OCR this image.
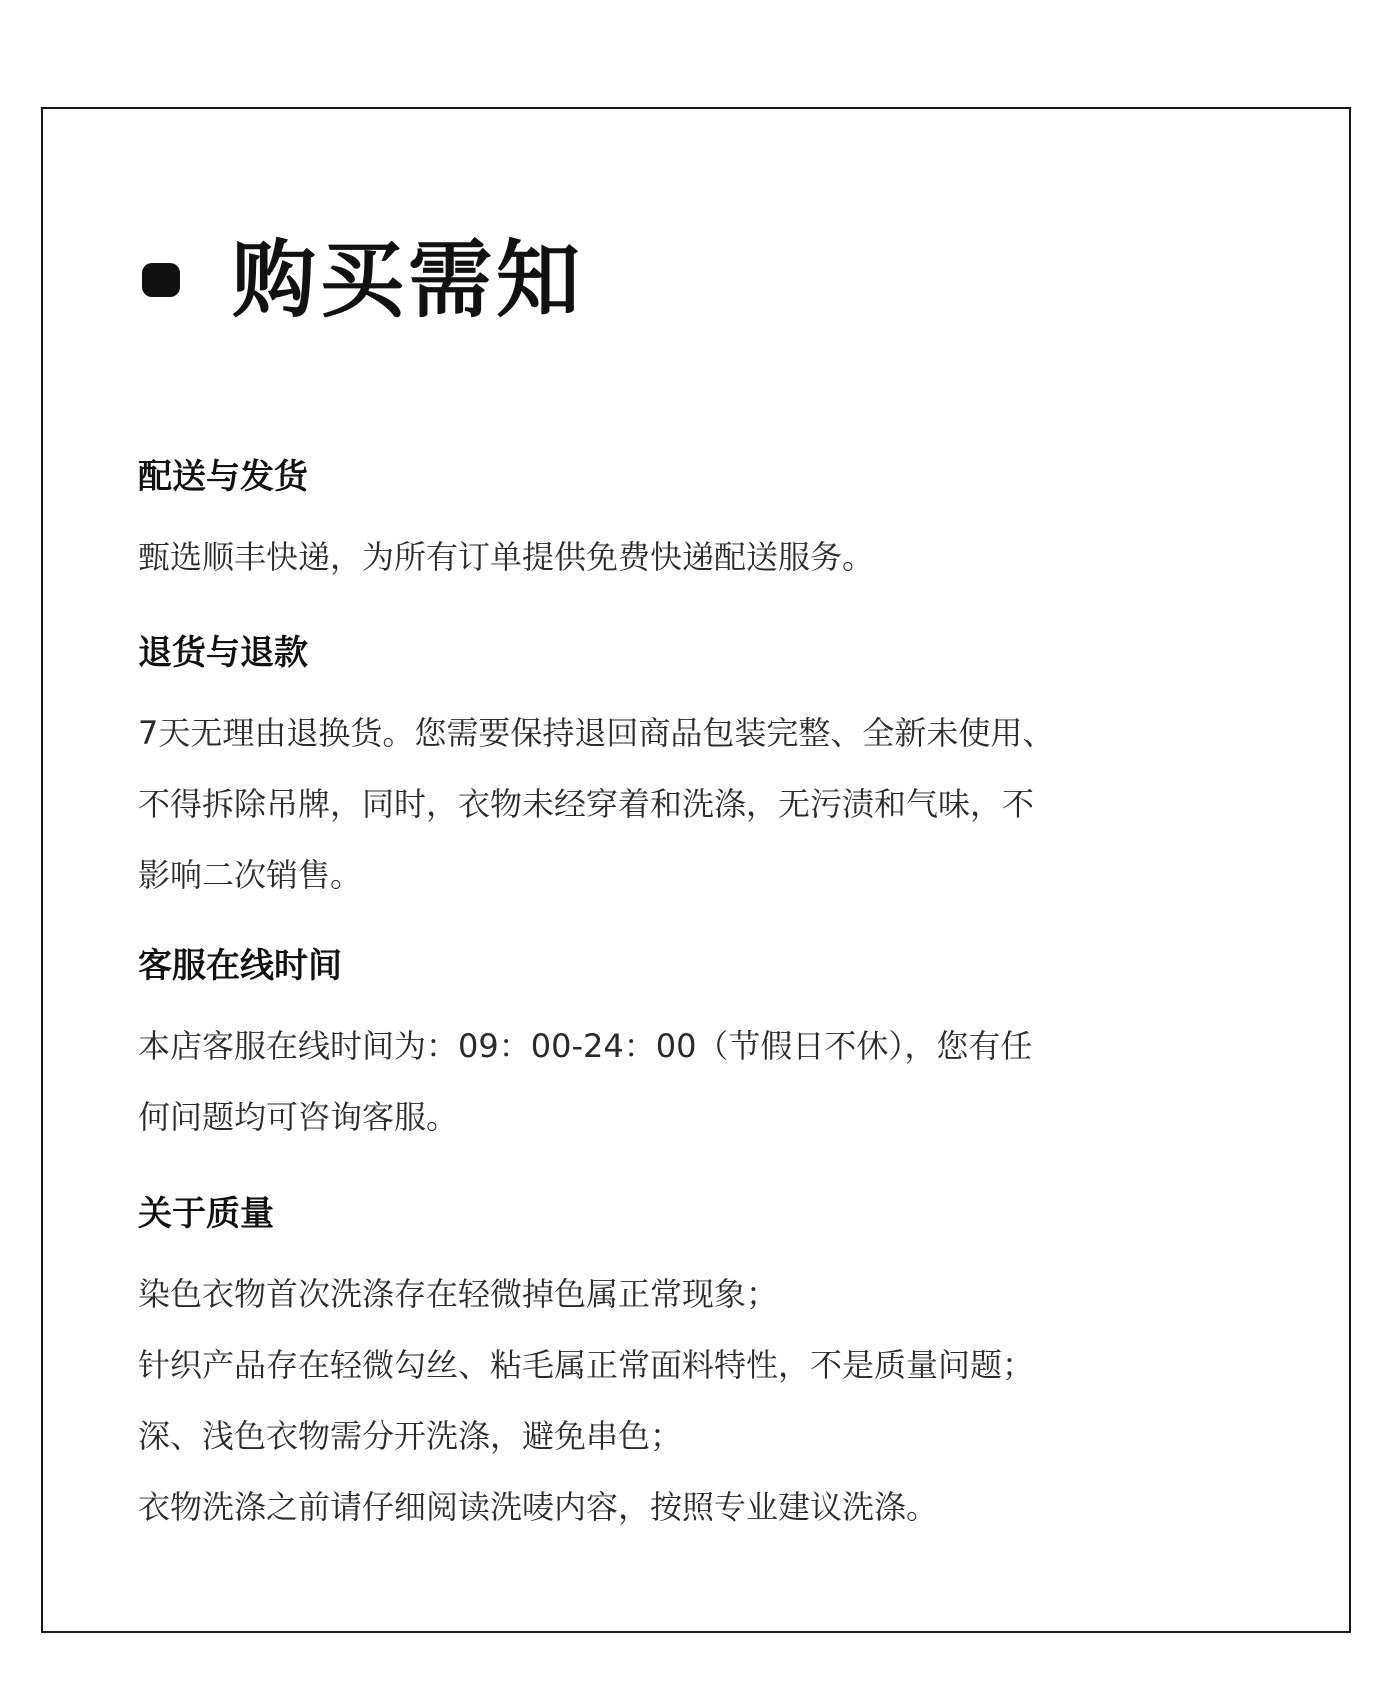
购买需知
配送与发货
甄选顺丰快递，为所有订单提供免费快递配送服务。
退货与退款
7天无理由退换货。您需要保持退回商品包装完整、全新未使用、
不得拆除吊牌，同时，衣物未经穿着和洗涤，无污渍和气味，不
影响二次销售。
客服在线时间
本店客服在线时间为：09：00-24：00（节假日不休），您有任
何问题均可咨询客服。
关于质量
染色衣物首次洗涤存在轻微掉色属正常现象；
针织产品存在轻微勾丝、粘毛属正常面料特性，不是质量问题；
深、浅色衣物需分开洗涤，避免串色；
衣物洗涤之前请仔细阅读洗唛内容，按照专业建议洗涤。
